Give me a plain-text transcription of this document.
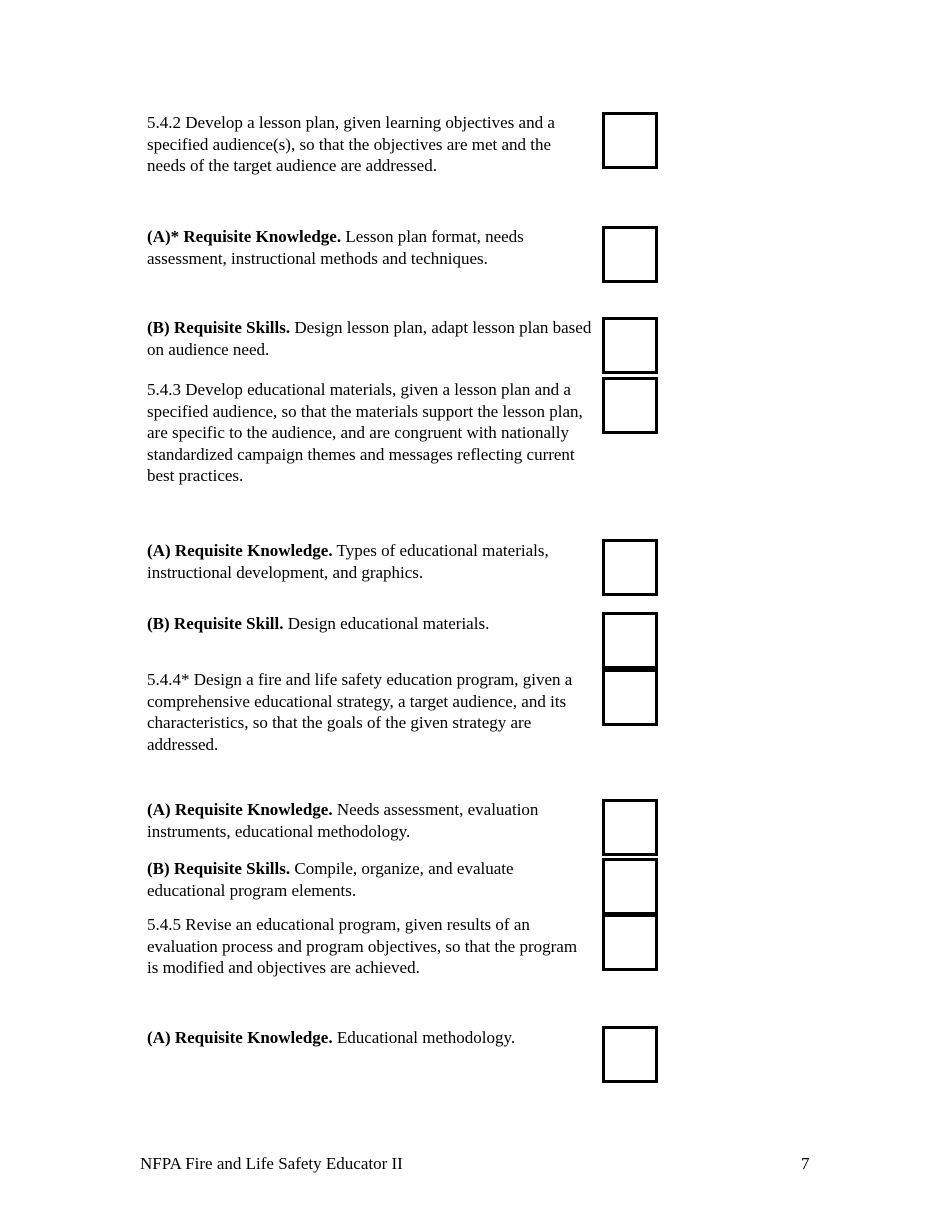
5.4.2 Develop a lesson plan, given learning objectives and a specified audience(s), so that the objectives are met and the needs of the target audience are addressed.

(A)* Requisite Knowledge. Lesson plan format, needs assessment, instructional methods and techniques.

(B) Requisite Skills. Design lesson plan, adapt lesson plan based on audience need.

5.4.3 Develop educational materials, given a lesson plan and a specified audience, so that the materials support the lesson plan, are specific to the audience, and are congruent with nationally standardized campaign themes and messages reflecting current best practices.

(A) Requisite Knowledge. Types of educational materials, instructional development, and graphics.

(B) Requisite Skill. Design educational materials.

5.4.4* Design a fire and life safety education program, given a comprehensive educational strategy, a target audience, and its characteristics, so that the goals of the given strategy are addressed.

(A) Requisite Knowledge. Needs assessment, evaluation instruments, educational methodology.

(B) Requisite Skills. Compile, organize, and evaluate educational program elements.

5.4.5 Revise an educational program, given results of an evaluation process and program objectives, so that the program is modified and objectives are achieved.

(A) Requisite Knowledge. Educational methodology.

NFPA Fire and Life Safety Educator II	7
